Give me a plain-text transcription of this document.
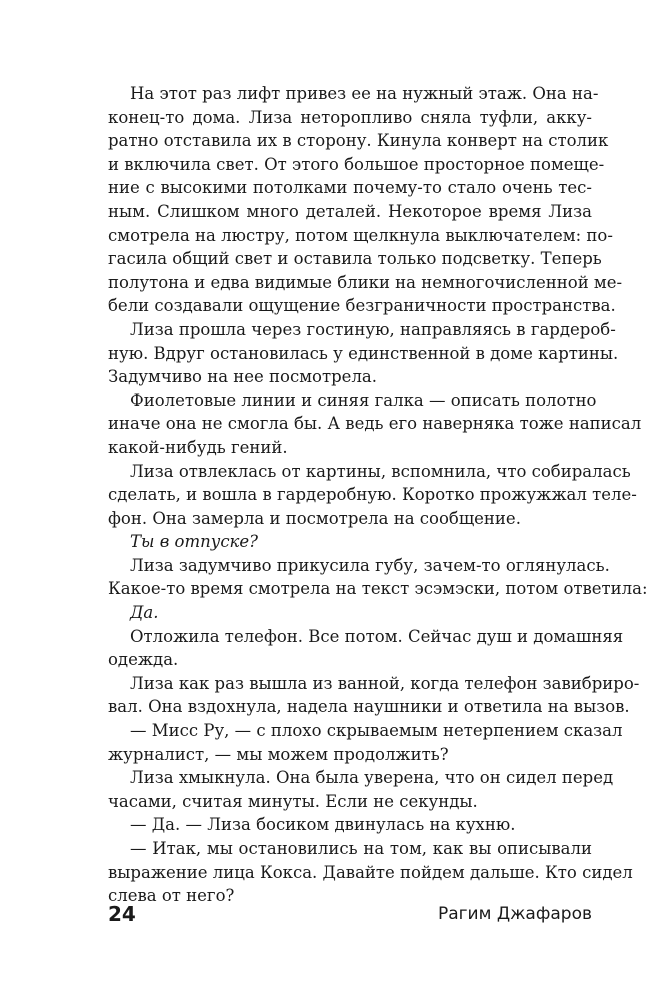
На этот раз лифт привез ее на нужный этаж. Она на-
конец-то дома. Лиза неторопливо сняла туфли, акку-
ратно отставила их в сторону. Кинула конверт на столик
и включила свет. От этого большое просторное помеще-
ние с высокими потолками почему-то стало очень тес-
ным. Слишком много деталей. Некоторое время Лиза
смотрела на люстру, потом щелкнула выключателем: по-
гасила общий свет и оставила только подсветку. Теперь
полутона и едва видимые блики на немногочисленной ме-
бели создавали ощущение безграничности пространства.
Лиза прошла через гостиную, направляясь в гардероб-
ную. Вдруг остановилась у единственной в доме картины.
Задумчиво на нее посмотрела.
Фиолетовые линии и синяя галка — описать полотно
иначе она не смогла бы. А ведь его наверняка тоже написал
какой-нибудь гений.
Лиза отвлеклась от картины, вспомнила, что собиралась
сделать, и вошла в гардеробную. Коротко прожужжал теле-
фон. Она замерла и посмотрела на сообщение.
Ты в отпуске?
Лиза задумчиво прикусила губу, зачем-то оглянулась.
Какое-то время смотрела на текст эсэмэски, потом ответила:
Да.
Отложила телефон. Все потом. Сейчас душ и домашняя
одежда.
Лиза как раз вышла из ванной, когда телефон завибриро-
вал. Она вздохнула, надела наушники и ответила на вызов.
— Мисс Ру, — с плохо скрываемым нетерпением сказал
журналист, — мы можем продолжить?
Лиза хмыкнула. Она была уверена, что он сидел перед
часами, считая минуты. Если не секунды.
— Да. — Лиза босиком двинулась на кухню.
— Итак, мы остановились на том, как вы описывали
выражение лица Кокса. Давайте пойдем дальше. Кто сидел
слева от него?
24	Рагим Джафаров
